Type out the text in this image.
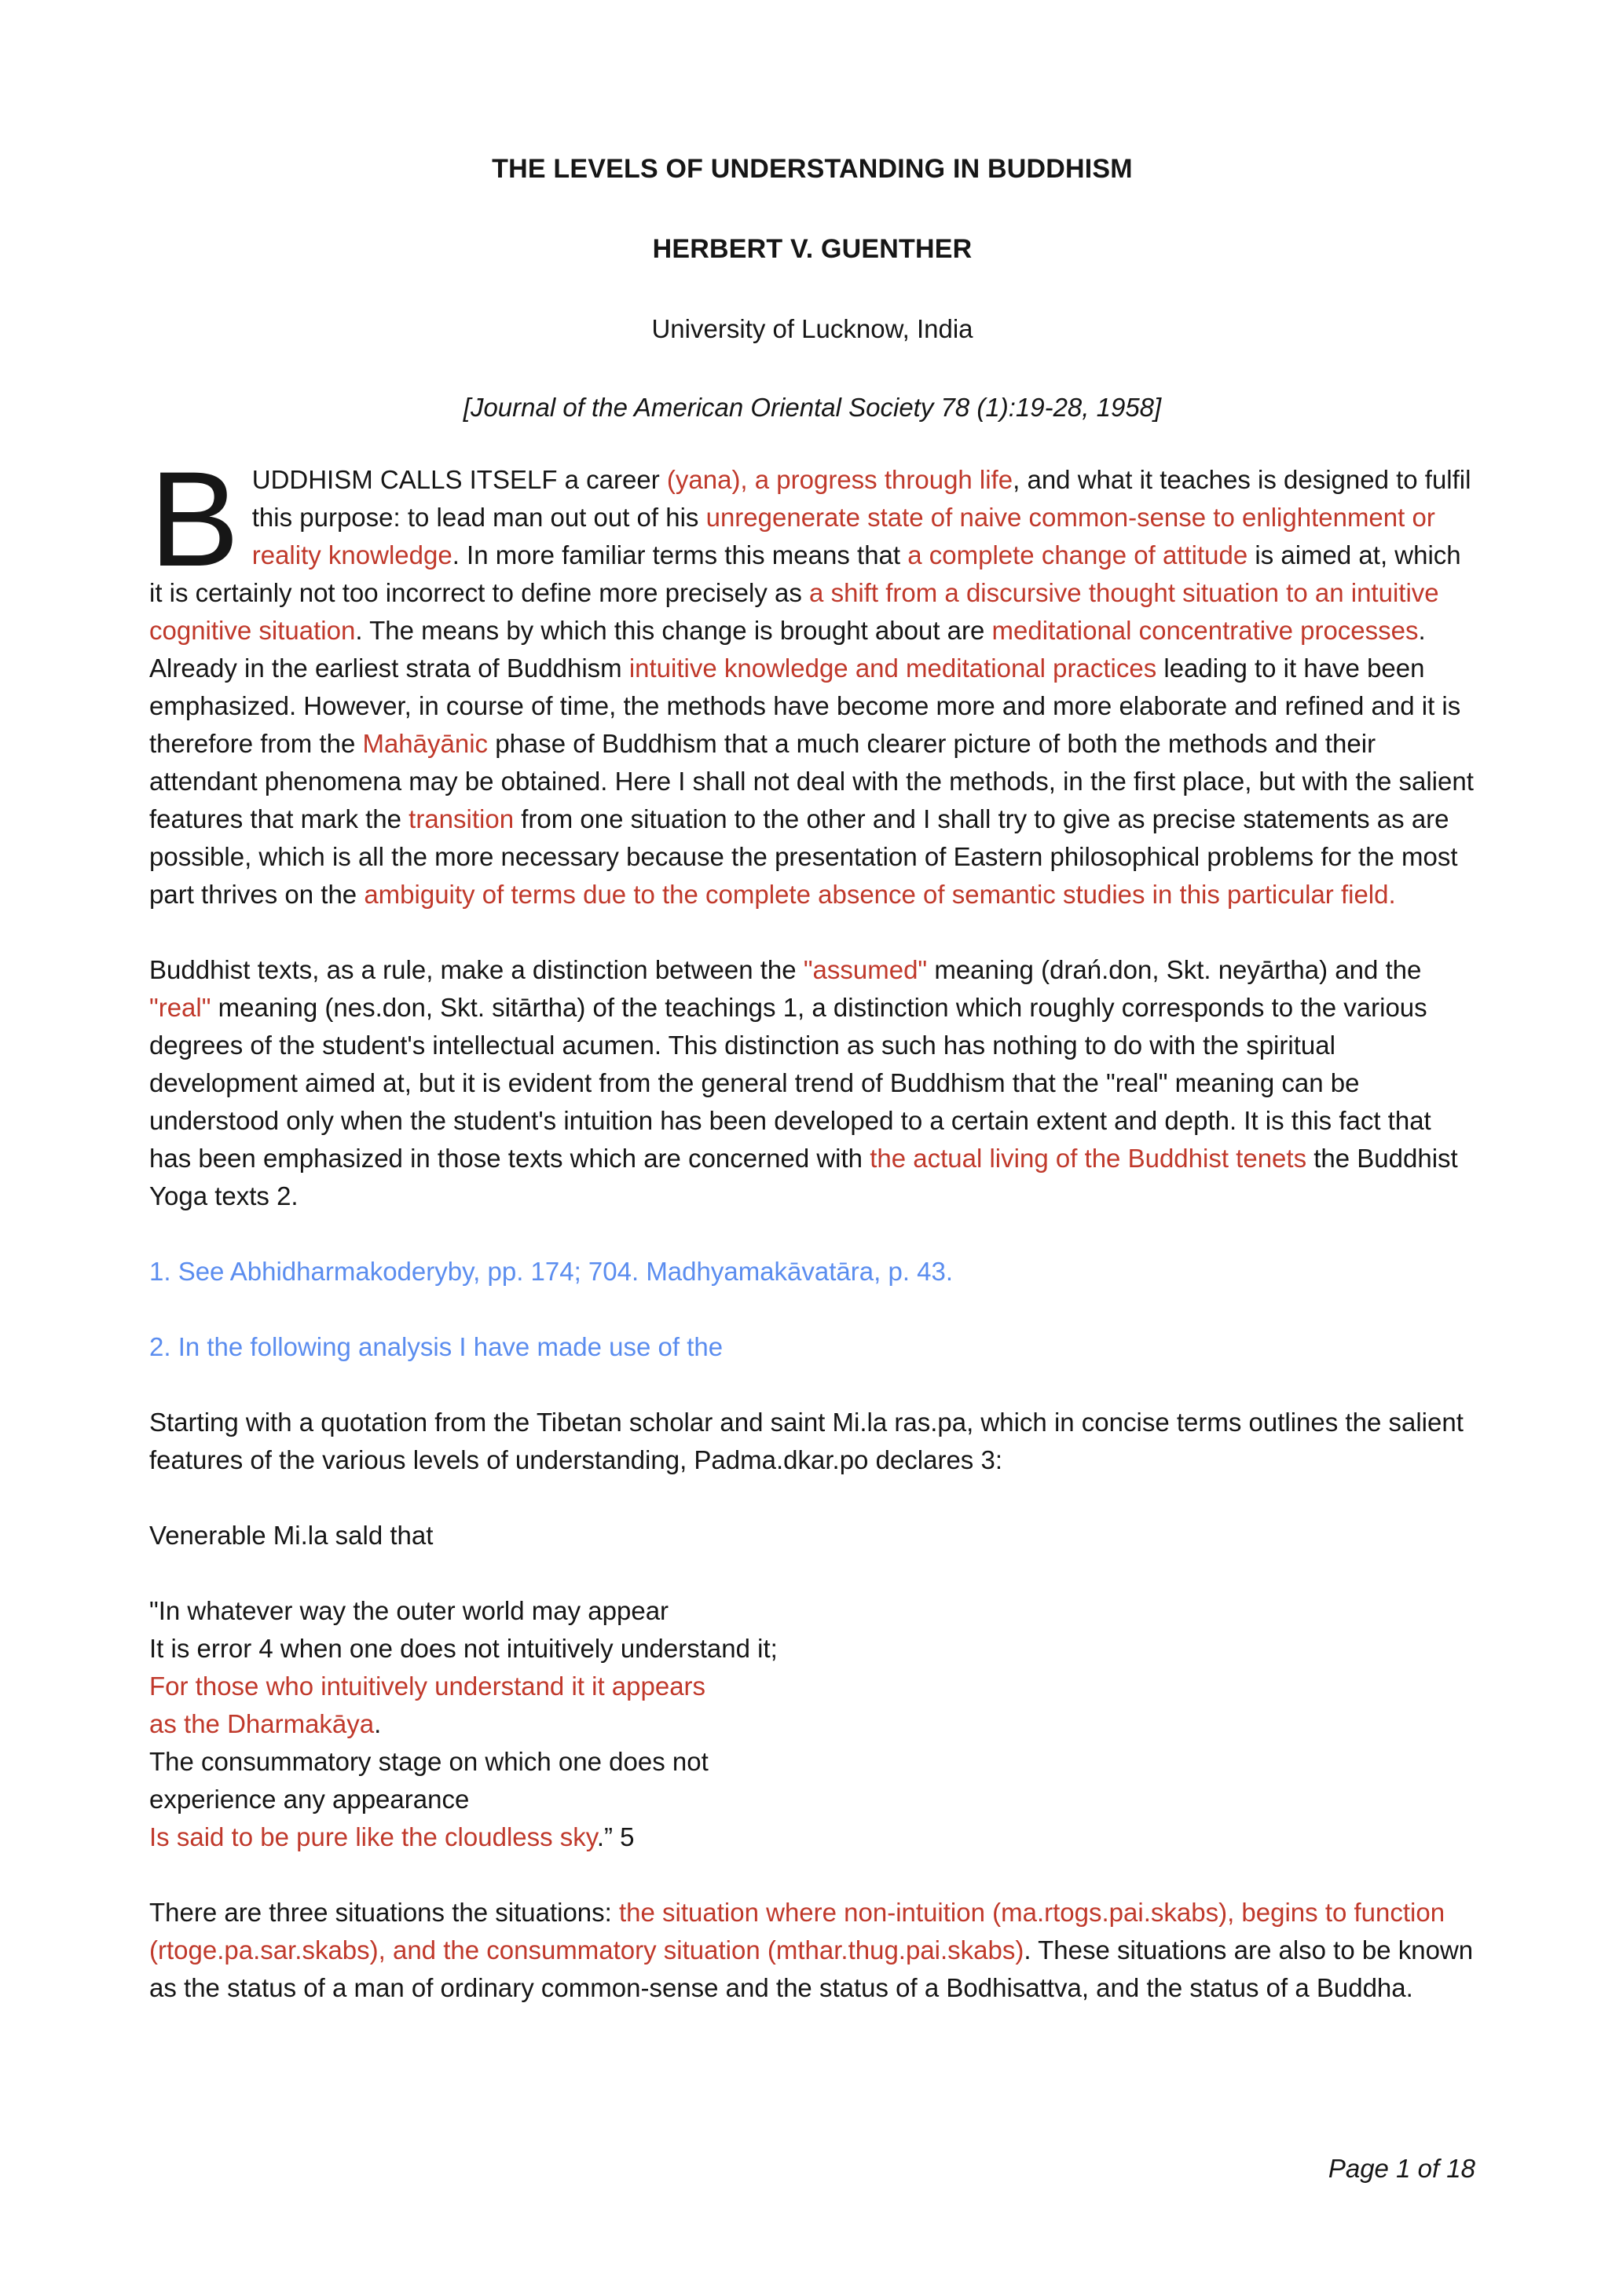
THE LEVELS OF UNDERSTANDING IN BUDDHISM
HERBERT V. GUENTHER
University of Lucknow, India
[Journal of the American Oriental Society 78 (1):19-28, 1958]

BUDDHISM CALLS ITSELF a career (yana), a progress through life, and what it teaches is designed to fulfil this purpose: to lead man out out of his unregenerate state of naive common-sense to enlightenment or reality knowledge. In more familiar terms this means that a complete change of attitude is aimed at, which it is certainly not too incorrect to define more precisely as a shift from a discursive thought situation to an intuitive cognitive situation. The means by which this change is brought about are meditational concentrative processes. Already in the earliest strata of Buddhism intuitive knowledge and meditational practices leading to it have been emphasized. However, in course of time, the methods have become more and more elaborate and refined and it is therefore from the Mahāyānic phase of Buddhism that a much clearer picture of both the methods and their attendant phenomena may be obtained. Here I shall not deal with the methods, in the first place, but with the salient features that mark the transition from one situation to the other and I shall try to give as precise statements as are possible, which is all the more necessary because the presentation of Eastern philosophical problems for the most part thrives on the ambiguity of terms due to the complete absence of semantic studies in this particular field.

Buddhist texts, as a rule, make a distinction between the "assumed" meaning (drań.don, Skt. neyārtha) and the "real" meaning (nes.don, Skt. sitārtha) of the teachings 1, a distinction which roughly corresponds to the various degrees of the student's intellectual acumen. This distinction as such has nothing to do with the spiritual development aimed at, but it is evident from the general trend of Buddhism that the "real" meaning can be understood only when the student's intuition has been developed to a certain extent and depth. It is this fact that has been emphasized in those texts which are concerned with the actual living of the Buddhist tenets the Buddhist Yoga texts 2.

1. See Abhidharmakoderyby, pp. 174; 704. Madhyamakāvatāra, p. 43.

2. In the following analysis I have made use of the

Starting with a quotation from the Tibetan scholar and saint Mi.la ras.pa, which in concise terms outlines the salient features of the various levels of understanding, Padma.dkar.po declares 3:

Venerable Mi.la sald that

"In whatever way the outer world may appear
It is error 4 when one does not intuitively understand it;
For those who intuitively understand it it appears
as the Dharmakāya.
The consummatory stage on which one does not
experience any appearance
Is said to be pure like the cloudless sky.” 5

There are three situations the situations: the situation where non-intuition (ma.rtogs.pai.skabs), begins to function (rtoge.pa.sar.skabs), and the consummatory situation (mthar.thug.pai.skabs). These situations are also to be known as the status of a man of ordinary common-sense and the status of a Bodhisattva, and the status of a Buddha.

Page 1 of 18
